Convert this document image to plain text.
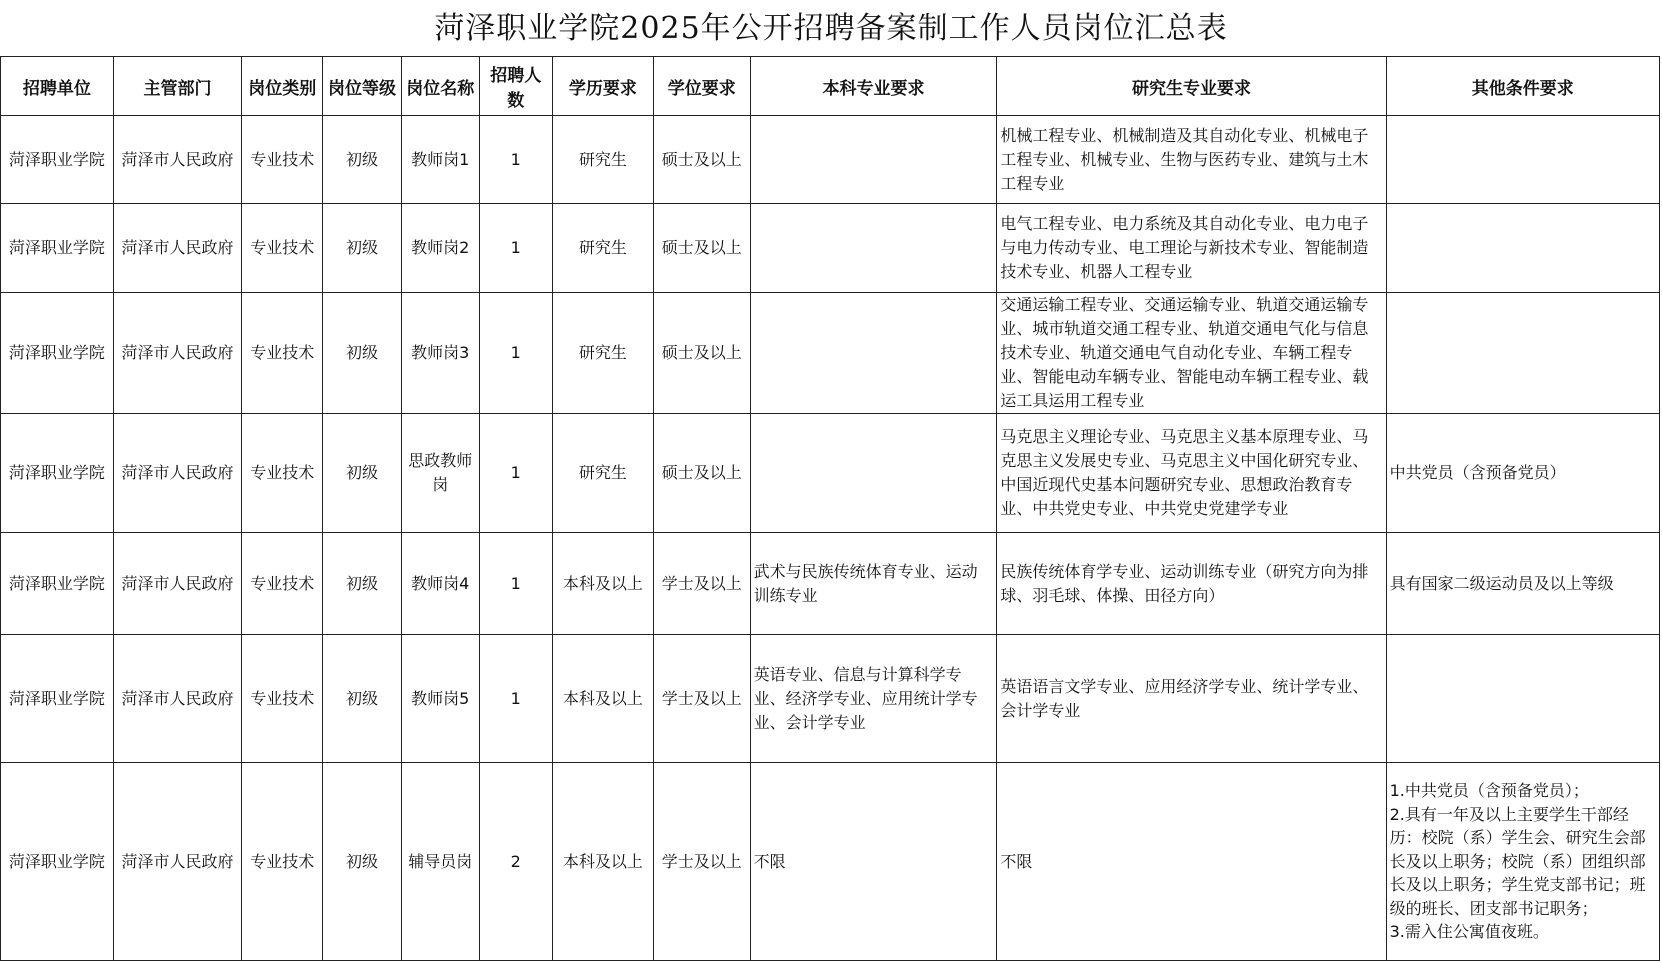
菏泽职业学院2025年公开招聘备案制工作人员岗位汇总表
招聘单位	主管部门	岗位类别	岗位等级	岗位名称	招聘人数	学历要求	学位要求	本科专业要求	研究生专业要求	其他条件要求
菏泽职业学院	菏泽市人民政府	专业技术	初级	教师岗1	1	研究生	硕士及以上		机械工程专业、机械制造及其自动化专业、机械电子工程专业、机械专业、生物与医药专业、建筑与土木工程专业	
菏泽职业学院	菏泽市人民政府	专业技术	初级	教师岗2	1	研究生	硕士及以上		电气工程专业、电力系统及其自动化专业、电力电子与电力传动专业、电工理论与新技术专业、智能制造技术专业、机器人工程专业	
菏泽职业学院	菏泽市人民政府	专业技术	初级	教师岗3	1	研究生	硕士及以上		交通运输工程专业、交通运输专业、轨道交通运输专业、城市轨道交通工程专业、轨道交通电气化与信息技术专业、轨道交通电气自动化专业、车辆工程专业、智能电动车辆专业、智能电动车辆工程专业、载运工具运用工程专业	
菏泽职业学院	菏泽市人民政府	专业技术	初级	思政教师岗	1	研究生	硕士及以上		马克思主义理论专业、马克思主义基本原理专业、马克思主义发展史专业、马克思主义中国化研究专业、中国近现代史基本问题研究专业、思想政治教育专业、中共党史专业、中共党史党建学专业	中共党员（含预备党员）
菏泽职业学院	菏泽市人民政府	专业技术	初级	教师岗4	1	本科及以上	学士及以上	武术与民族传统体育专业、运动训练专业	民族传统体育学专业、运动训练专业（研究方向为排球、羽毛球、体操、田径方向）	具有国家二级运动员及以上等级
菏泽职业学院	菏泽市人民政府	专业技术	初级	教师岗5	1	本科及以上	学士及以上	英语专业、信息与计算科学专业、经济学专业、应用统计学专业、会计学专业	英语语言文学专业、应用经济学专业、统计学专业、会计学专业	
菏泽职业学院	菏泽市人民政府	专业技术	初级	辅导员岗	2	本科及以上	学士及以上	不限	不限	1.中共党员（含预备党员）；
2.具有一年及以上主要学生干部经历：校院（系）学生会、研究生会部长及以上职务；校院（系）团组织部长及以上职务；学生党支部书记；班级的班长、团支部书记职务；
3.需入住公寓值夜班。
